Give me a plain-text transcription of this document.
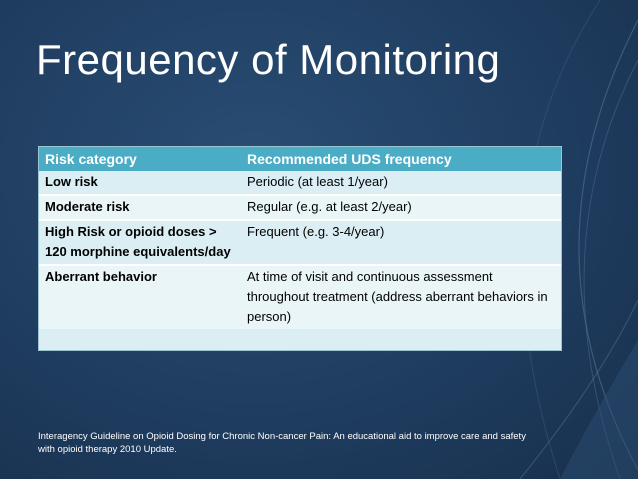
Frequency of Monitoring
Risk category	Recommended UDS frequency
Low risk	Periodic (at least 1/year)
Moderate risk	Regular (e.g. at least 2/year)
High Risk or opioid doses > 120 morphine equivalents/day	Frequent (e.g. 3-4/year)
Aberrant behavior	At time of visit and continuous assessment throughout treatment (address aberrant behaviors in person)
Interagency Guideline on Opioid Dosing for Chronic Non-cancer Pain: An educational aid to improve care and safety with opioid therapy 2010 Update.
